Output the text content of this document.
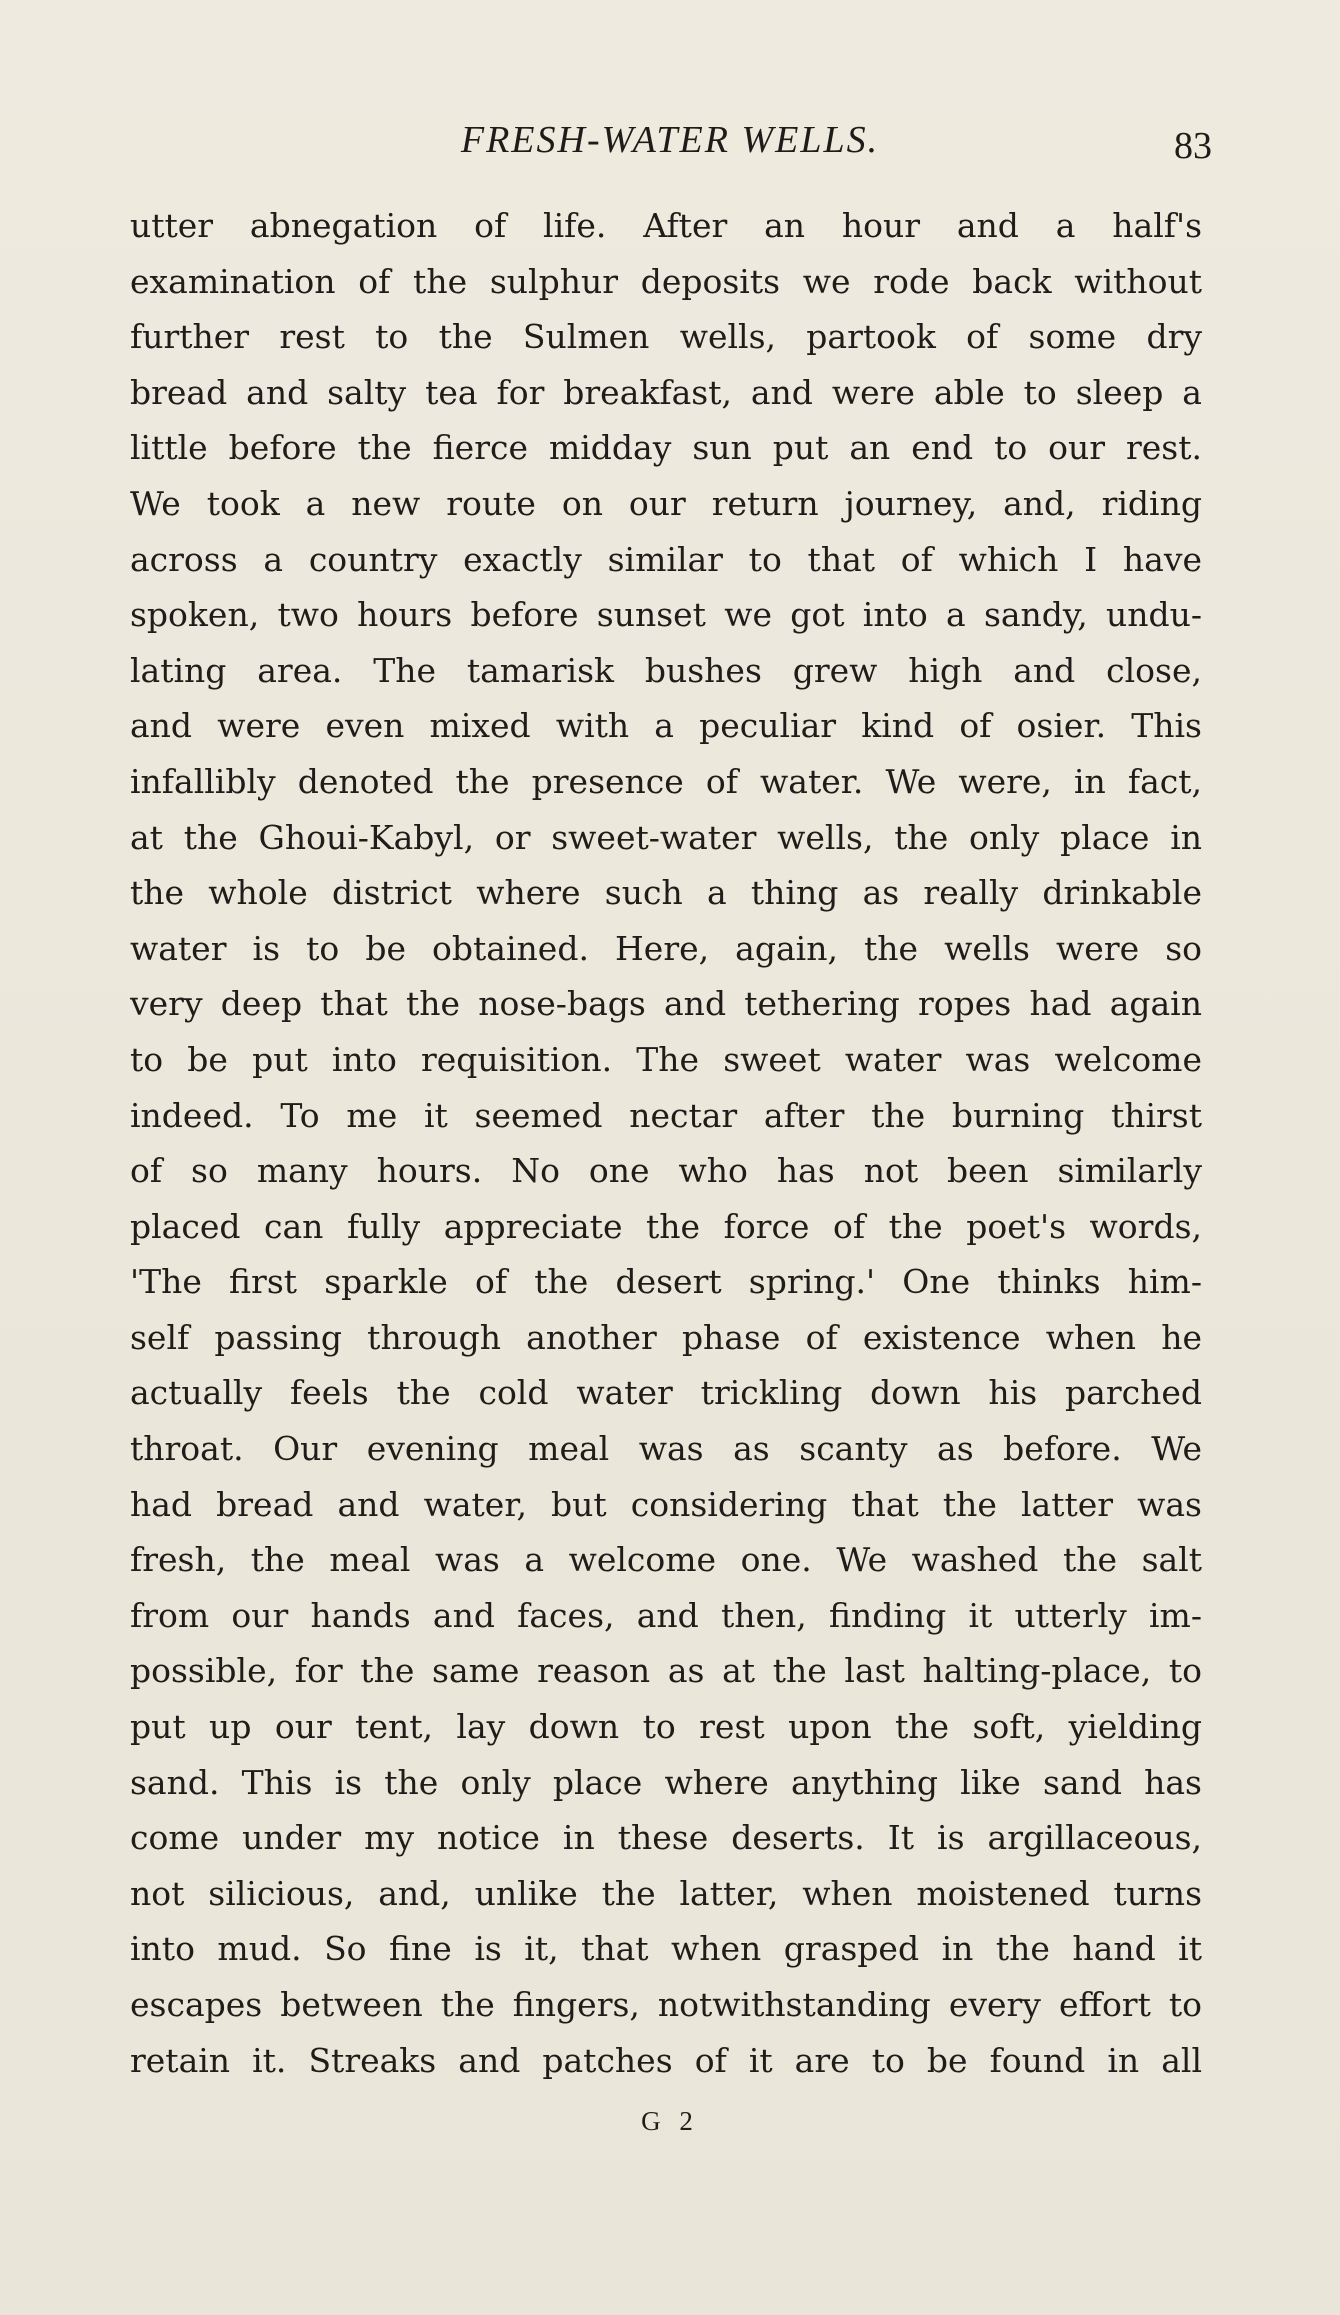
FRESH-WATER WELLS.	83
utter abnegation of life. After an hour and a half's
examination of the sulphur deposits we rode back without
further rest to the Sulmen wells, partook of some dry
bread and salty tea for breakfast, and were able to sleep a
little before the fierce midday sun put an end to our rest.
We took a new route on our return journey, and, riding
across a country exactly similar to that of which I have
spoken, two hours before sunset we got into a sandy, undu-
lating area. The tamarisk bushes grew high and close,
and were even mixed with a peculiar kind of osier. This
infallibly denoted the presence of water. We were, in fact,
at the Ghoui-Kabyl, or sweet-water wells, the only place in
the whole district where such a thing as really drinkable
water is to be obtained. Here, again, the wells were so
very deep that the nose-bags and tethering ropes had again
to be put into requisition. The sweet water was welcome
indeed. To me it seemed nectar after the burning thirst
of so many hours. No one who has not been similarly
placed can fully appreciate the force of the poet's words,
'The first sparkle of the desert spring.' One thinks him-
self passing through another phase of existence when he
actually feels the cold water trickling down his parched
throat. Our evening meal was as scanty as before. We
had bread and water, but considering that the latter was
fresh, the meal was a welcome one. We washed the salt
from our hands and faces, and then, finding it utterly im-
possible, for the same reason as at the last halting-place, to
put up our tent, lay down to rest upon the soft, yielding
sand. This is the only place where anything like sand has
come under my notice in these deserts. It is argillaceous,
not silicious, and, unlike the latter, when moistened turns
into mud. So fine is it, that when grasped in the hand it
escapes between the fingers, notwithstanding every effort to
retain it. Streaks and patches of it are to be found in all
G 2
